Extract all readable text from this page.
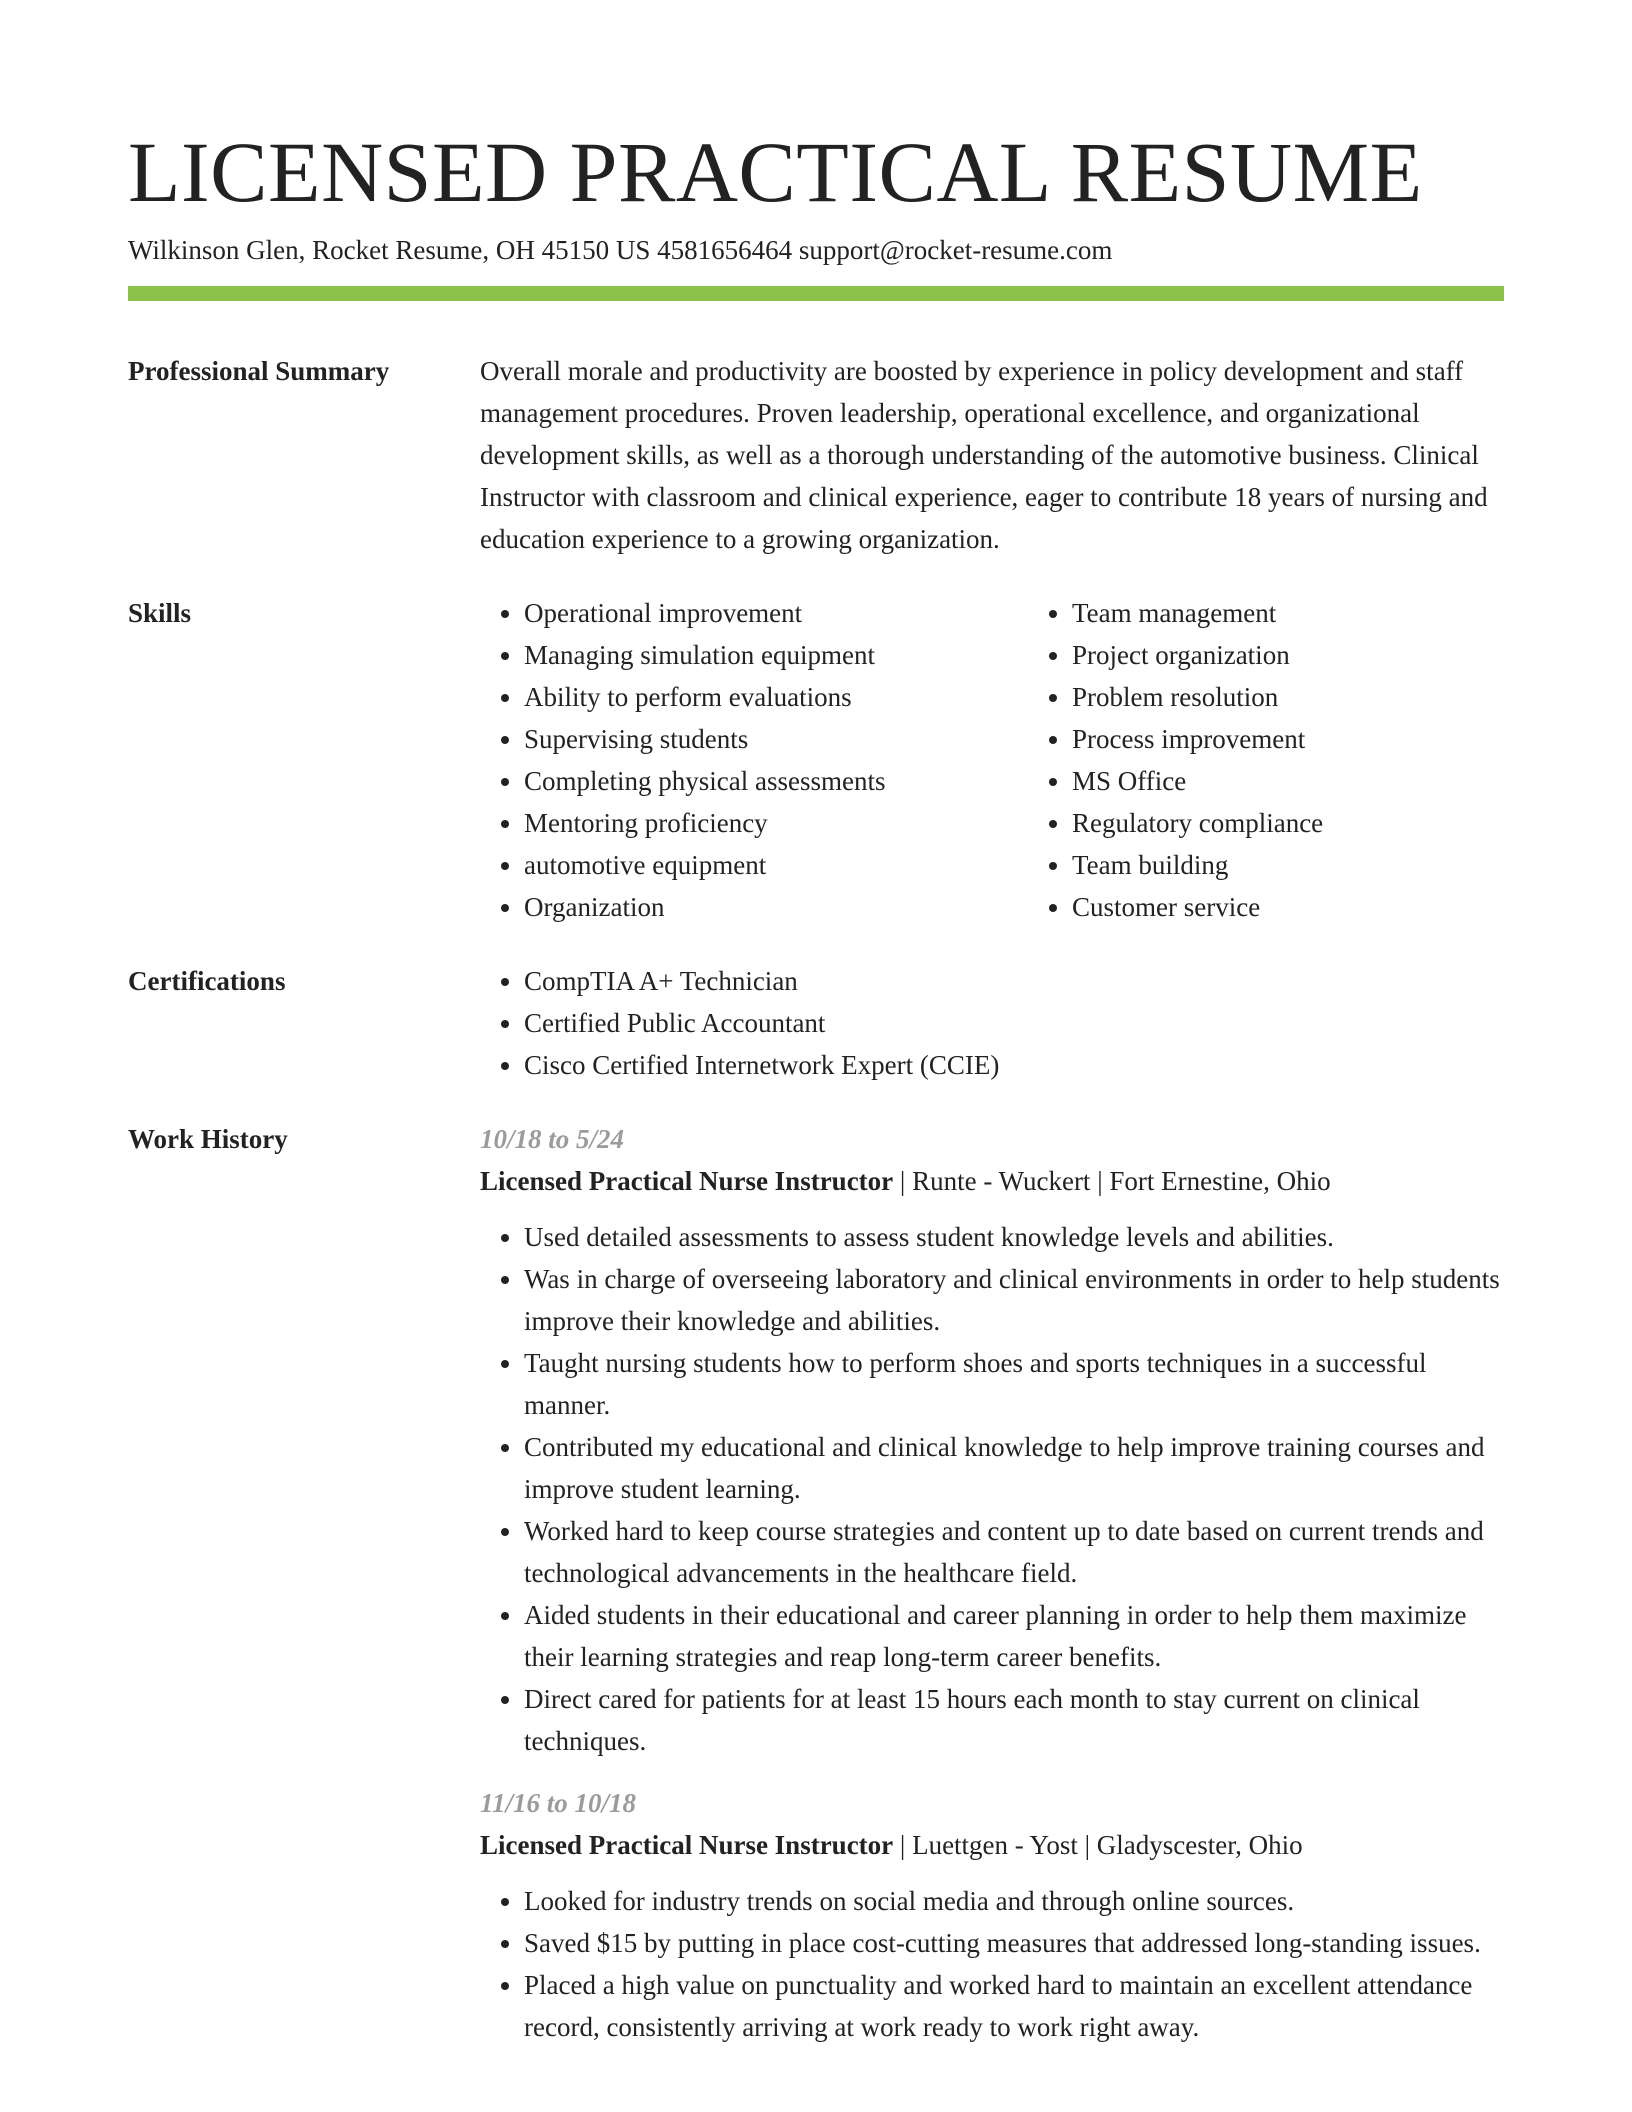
LICENSED PRACTICAL RESUME
Wilkinson Glen, Rocket Resume, OH 45150 US 4581656464 support@rocket-resume.com
Professional Summary	Overall morale and productivity are boosted by experience in policy development and staff management procedures. Proven leadership, operational excellence, and organizational development skills, as well as a thorough understanding of the automotive business. Clinical Instructor with classroom and clinical experience, eager to contribute 18 years of nursing and education experience to a growing organization.

Skills	• Operational improvement
• Managing simulation equipment
• Ability to perform evaluations
• Supervising students
• Completing physical assessments
• Mentoring proficiency
• automotive equipment
• Organization
• Team management
• Project organization
• Problem resolution
• Process improvement
• MS Office
• Regulatory compliance
• Team building
• Customer service
Certifications	• CompTIA A+ Technician
• Certified Public Accountant
• Cisco Certified Internetwork Expert (CCIE)
Work History	10/18 to 5/24
Licensed Practical Nurse Instructor | Runte - Wuckert | Fort Ernestine, Ohio
• Used detailed assessments to assess student knowledge levels and abilities.
• Was in charge of overseeing laboratory and clinical environments in order to help students improve their knowledge and abilities.
• Taught nursing students how to perform shoes and sports techniques in a successful manner.
• Contributed my educational and clinical knowledge to help improve training courses and improve student learning.
• Worked hard to keep course strategies and content up to date based on current trends and technological advancements in the healthcare field.
• Aided students in their educational and career planning in order to help them maximize their learning strategies and reap long-term career benefits.
• Direct cared for patients for at least 15 hours each month to stay current on clinical techniques.
11/16 to 10/18
Licensed Practical Nurse Instructor | Luettgen - Yost | Gladyscester, Ohio
• Looked for industry trends on social media and through online sources.
• Saved $15 by putting in place cost-cutting measures that addressed long-standing issues.
• Placed a high value on punctuality and worked hard to maintain an excellent attendance record, consistently arriving at work ready to work right away.
